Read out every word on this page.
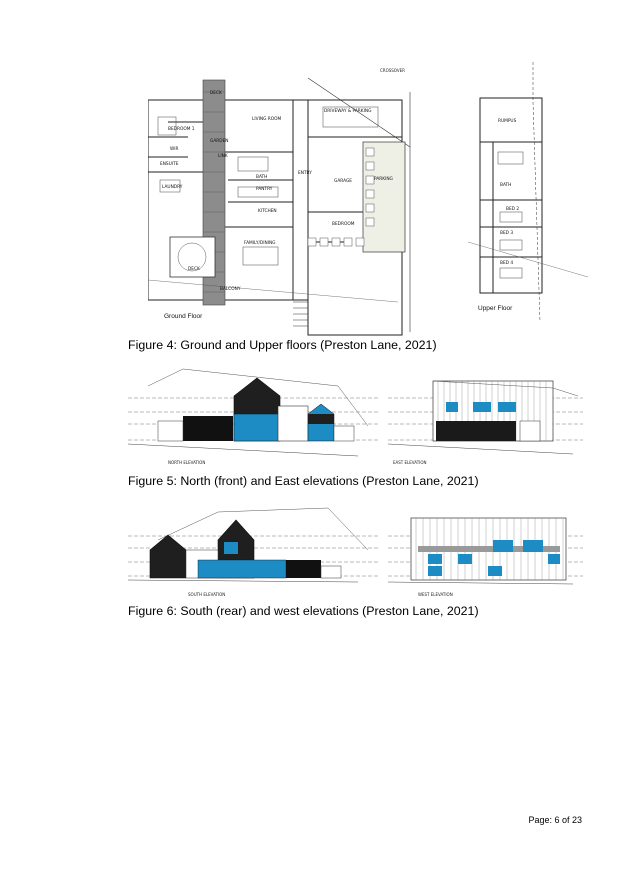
CROSSOVER
DECK
LIVING ROOM
DRIVEWAY & PARKING
BEDROOM 1
WIR
GARDEN
LINK
ENSUITE
BATH
ENTRY
LAUNDRY	PANTRY
GARAGE	PARKING
KITCHEN
BEDROOM
FAMILY/DINING
DECK
BALCONY
Ground Floor
RUMPUS
BATH
BED 2
BED 3
BED 4
Upper Floor
Figure 4: Ground and Upper floors (Preston Lane, 2021)
NORTH ELEVATION	EAST ELEVATION
Figure 5: North (front) and East elevations (Preston Lane, 2021)
SOUTH ELEVATION	WEST ELEVATION
Figure 6: South (rear) and west elevations (Preston Lane, 2021)
Page: 6 of 23
